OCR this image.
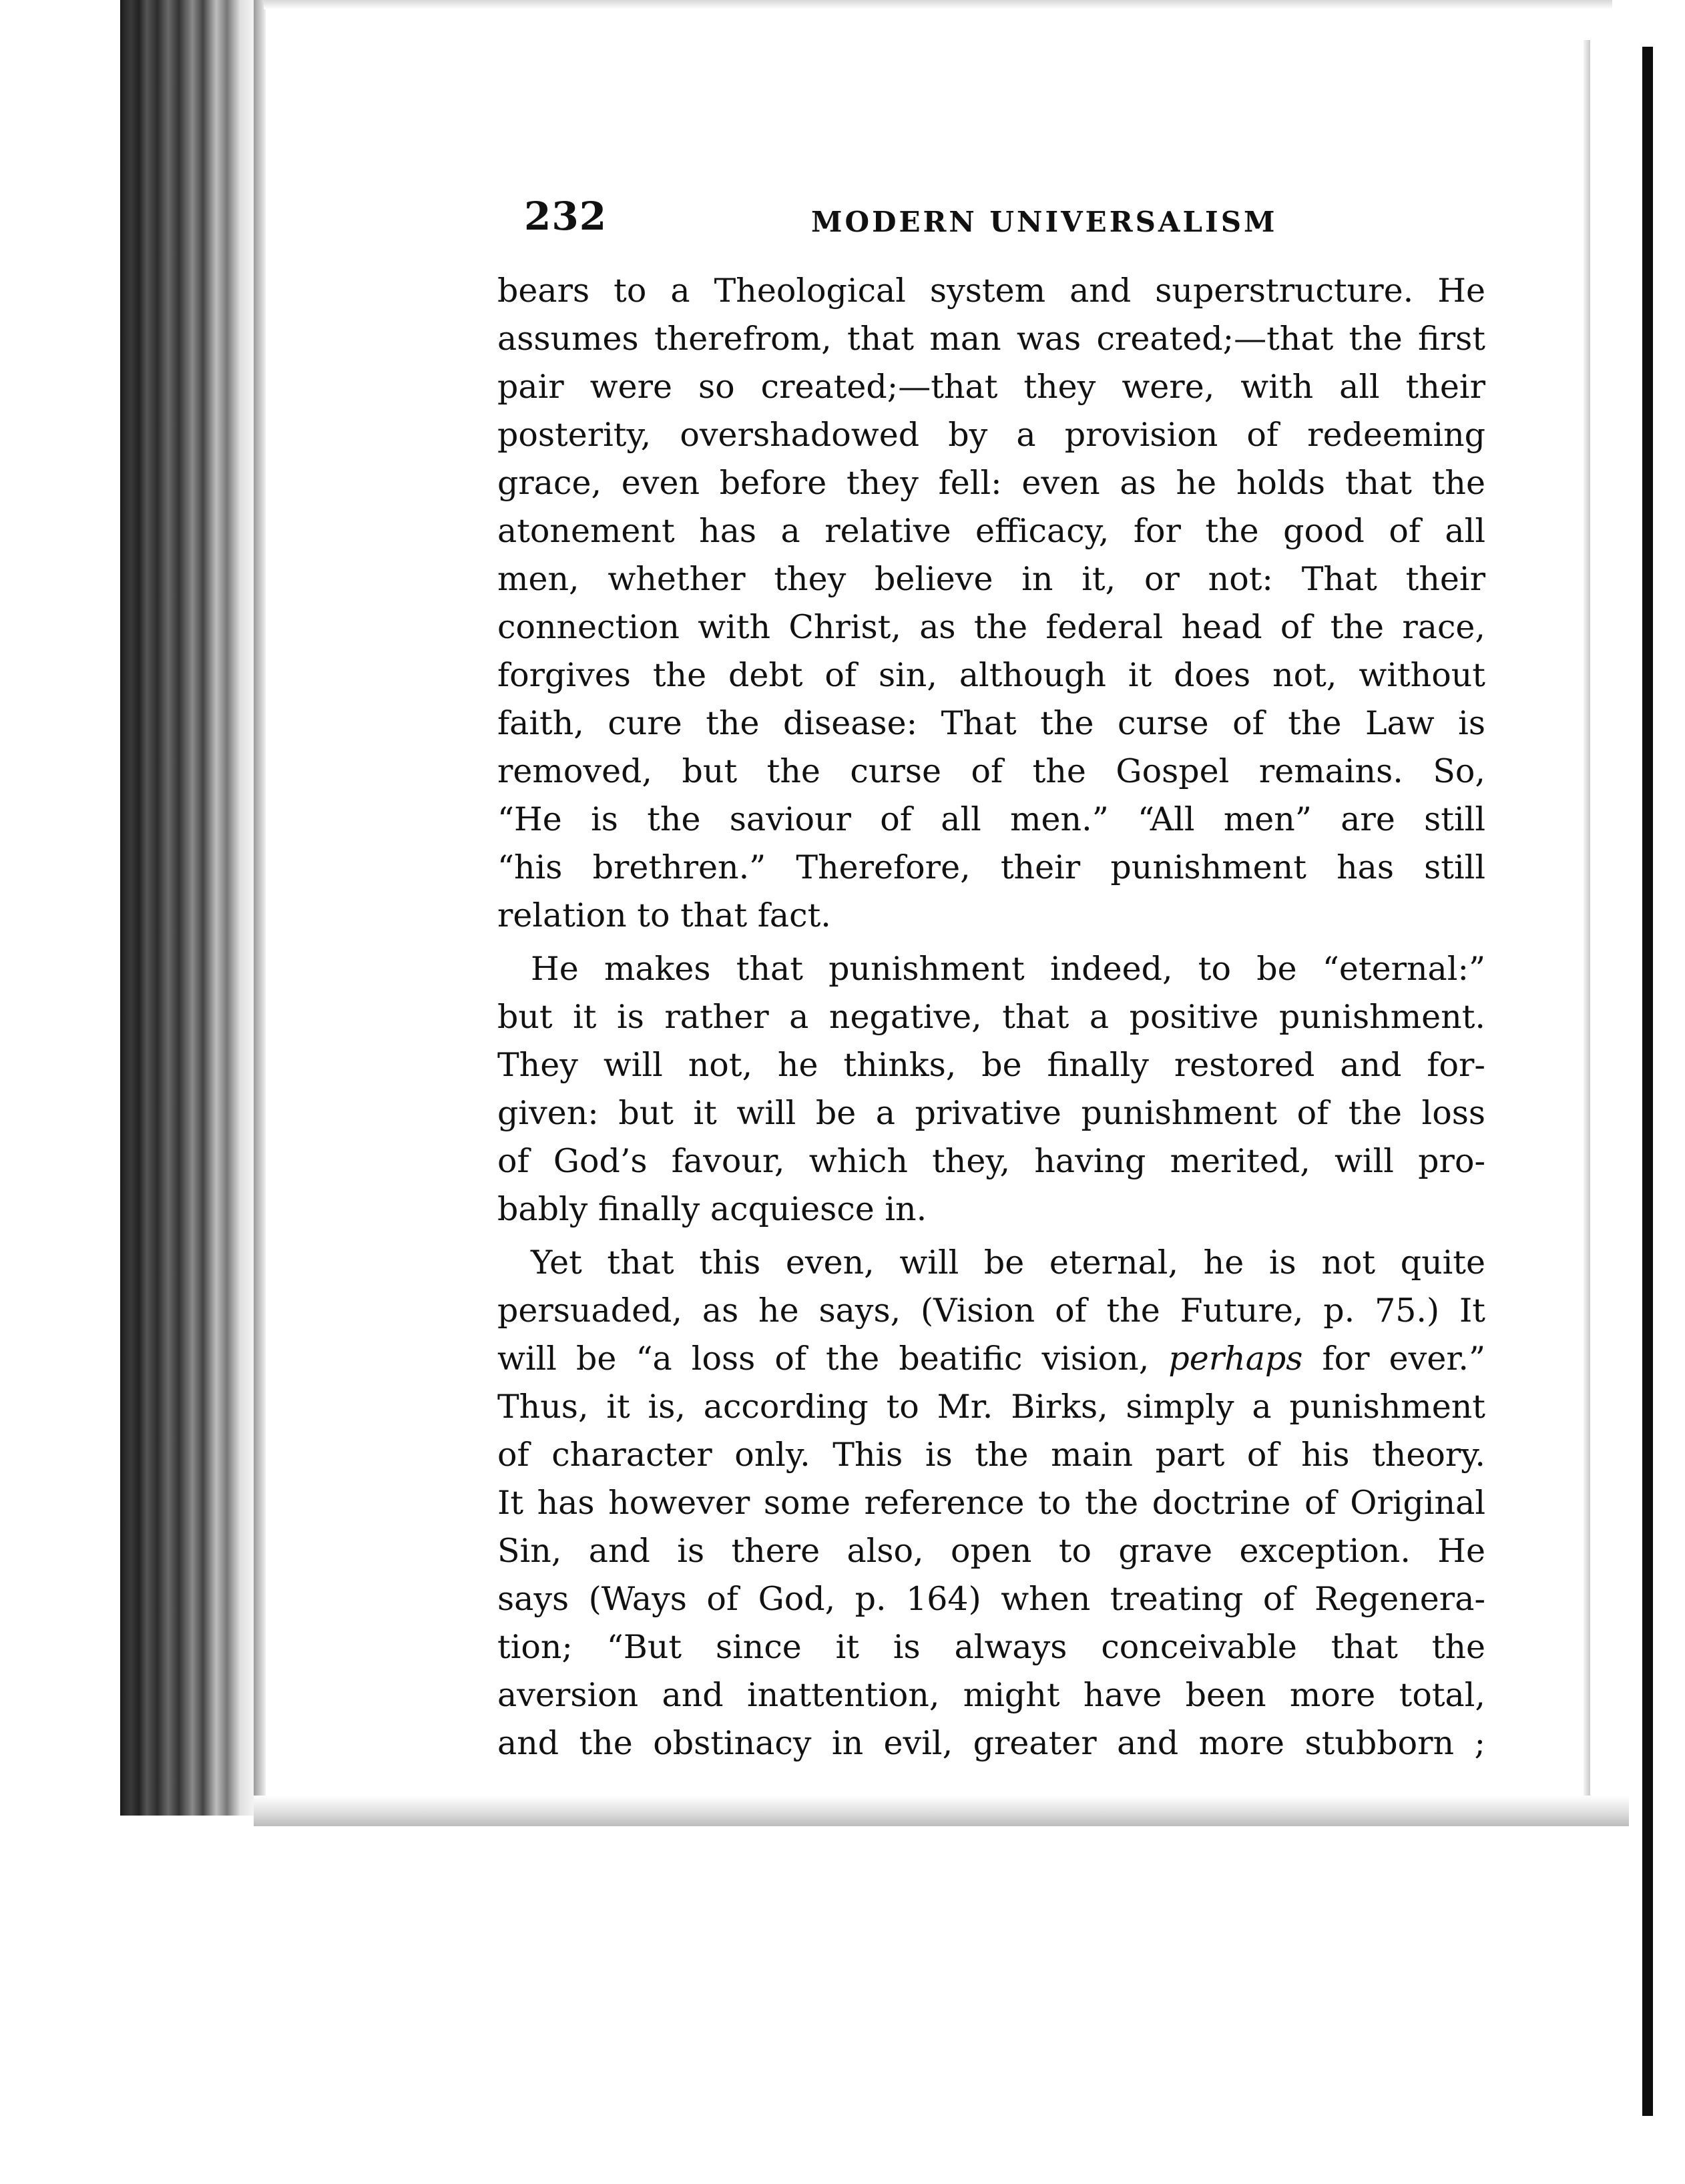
232	MODERN UNIVERSALISM
bears to a Theological system and superstructure. He
assumes therefrom, that man was created;—that the first
pair were so created;—that they were, with all their
posterity, overshadowed by a provision of redeeming
grace, even before they fell: even as he holds that the
atonement has a relative efficacy, for the good of all
men, whether they believe in it, or not: That their
connection with Christ, as the federal head of the race,
forgives the debt of sin, although it does not, without
faith, cure the disease: That the curse of the Law is
removed, but the curse of the Gospel remains. So,
“He is the saviour of all men.” “All men” are still
“his brethren.” Therefore, their punishment has still
relation to that fact.
He makes that punishment indeed, to be “eternal:”
but it is rather a negative, that a positive punishment.
They will not, he thinks, be finally restored and for-
given: but it will be a privative punishment of the loss
of God’s favour, which they, having merited, will pro-
bably finally acquiesce in.
Yet that this even, will be eternal, he is not quite
persuaded, as he says, (Vision of the Future, p. 75.) It
will be “a loss of the beatific vision, perhaps for ever.”
Thus, it is, according to Mr. Birks, simply a punishment
of character only. This is the main part of his theory.
It has however some reference to the doctrine of Original
Sin, and is there also, open to grave exception. He
says (Ways of God, p. 164) when treating of Regenera-
tion; “But since it is always conceivable that the
aversion and inattention, might have been more total,
and the obstinacy in evil, greater and more stubborn ;
